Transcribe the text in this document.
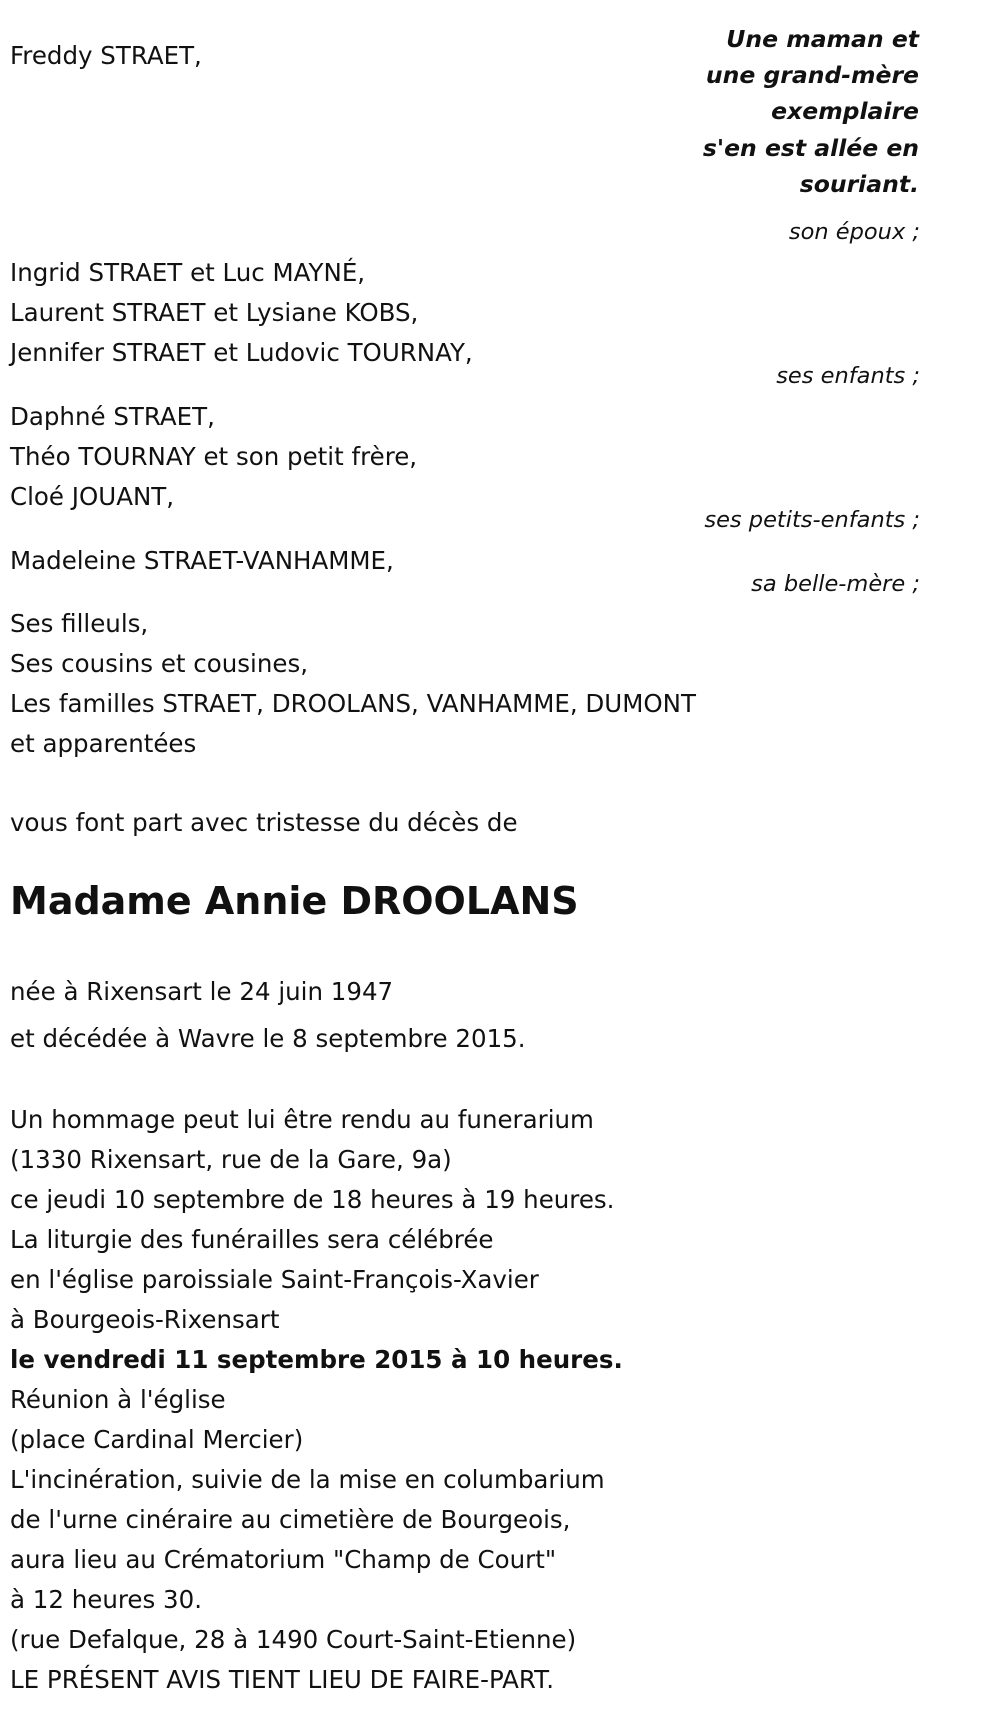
Une maman et
une grand-mère
exemplaire
s'en est allée en
souriant.
Freddy STRAET,
son époux ;
Ingrid STRAET et Luc MAYNÉ,
Laurent STRAET et Lysiane KOBS,
Jennifer STRAET et Ludovic TOURNAY,
ses enfants ;
Daphné STRAET,
Théo TOURNAY et son petit frère,
Cloé JOUANT,
ses petits-enfants ;
Madeleine STRAET-VANHAMME,
sa belle-mère ;
Ses filleuls,
Ses cousins et cousines,
Les familles STRAET, DROOLANS, VANHAMME, DUMONT
et apparentées
vous font part avec tristesse du décès de
Madame Annie DROOLANS
née à Rixensart le 24 juin 1947
et décédée à Wavre le 8 septembre 2015.
Un hommage peut lui être rendu au funerarium
(1330 Rixensart, rue de la Gare, 9a)
ce jeudi 10 septembre de 18 heures à 19 heures.
La liturgie des funérailles sera célébrée
en l'église paroissiale Saint-François-Xavier
à Bourgeois-Rixensart
le vendredi 11 septembre 2015 à 10 heures.
Réunion à l'église
(place Cardinal Mercier)
L'incinération, suivie de la mise en columbarium
de l'urne cinéraire au cimetière de Bourgeois,
aura lieu au Crématorium "Champ de Court"
à 12 heures 30.
(rue Defalque, 28 à 1490 Court-Saint-Etienne)
LE PRÉSENT AVIS TIENT LIEU DE FAIRE-PART.
